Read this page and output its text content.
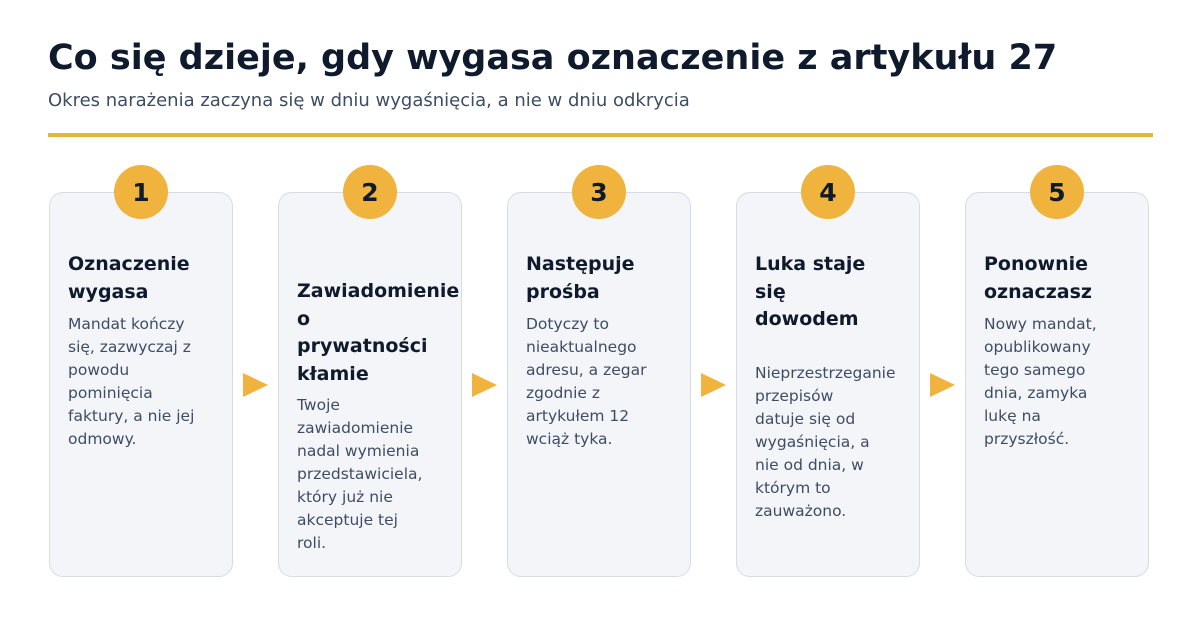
Co się dzieje, gdy wygasa oznaczenie z artykułu 27

Okres narażenia zaczyna się w dniu wygaśnięcia, a nie w dniu odkrycia

1
Oznaczenie
wygasa
Mandat kończy
się, zazwyczaj z
powodu
pominięcia
faktury, a nie jej
odmowy.
2
Zawiadomienie
o
prywatności
kłamie
Twoje
zawiadomienie
nadal wymienia
przedstawiciela,
który już nie
akceptuje tej
roli.
3
Następuje
prośba
Dotyczy to
nieaktualnego
adresu, a zegar
zgodnie z
artykułem 12
wciąż tyka.
4
Luka staje
się
dowodem
Nieprzestrzeganie
przepisów
datuje się od
wygaśnięcia, a
nie od dnia, w
którym to
zauważono.
5
Ponownie
oznaczasz
Nowy mandat,
opublikowany
tego samego
dnia, zamyka
lukę na
przyszłość.
